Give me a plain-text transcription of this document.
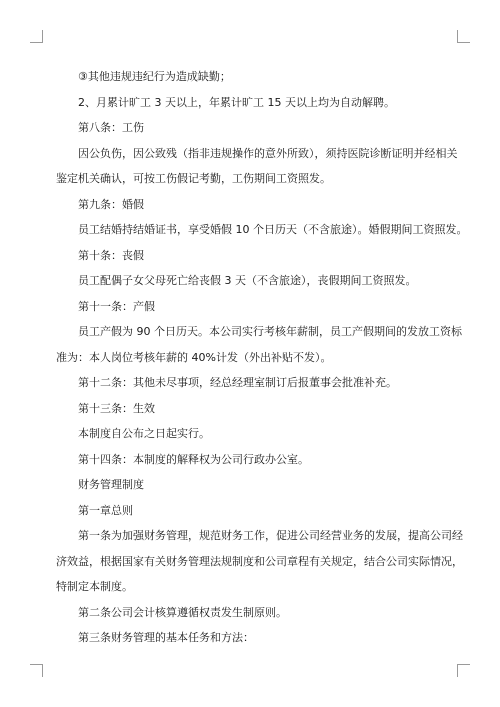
③其他违规违纪行为造成缺勤；

2、月累计旷工 3 天以上，年累计旷工 15 天以上均为自动解聘。

第八条：工伤

因公负伤，因公致残（指非违规操作的意外所致），须持医院诊断证明并经相关

鉴定机关确认，可按工伤假记考勤，工伤期间工资照发。

第九条：婚假

员工结婚持结婚证书，享受婚假 10 个日历天（不含旅途）。婚假期间工资照发。

第十条：丧假

员工配偶子女父母死亡给丧假 3 天（不含旅途），丧假期间工资照发。

第十一条：产假

员工产假为 90 个日历天。本公司实行考核年薪制，员工产假期间的发放工资标

准为：本人岗位考核年薪的 40%计发（外出补贴不发）。

第十二条：其他未尽事项，经总经理室制订后报董事会批准补充。

第十三条：生效

本制度自公布之日起实行。

第十四条：本制度的解释权为公司行政办公室。

财务管理制度

第一章总则

第一条为加强财务管理，规范财务工作，促进公司经营业务的发展，提高公司经

济效益，根据国家有关财务管理法规制度和公司章程有关规定，结合公司实际情况，

特制定本制度。

第二条公司会计核算遵循权责发生制原则。

第三条财务管理的基本任务和方法：
